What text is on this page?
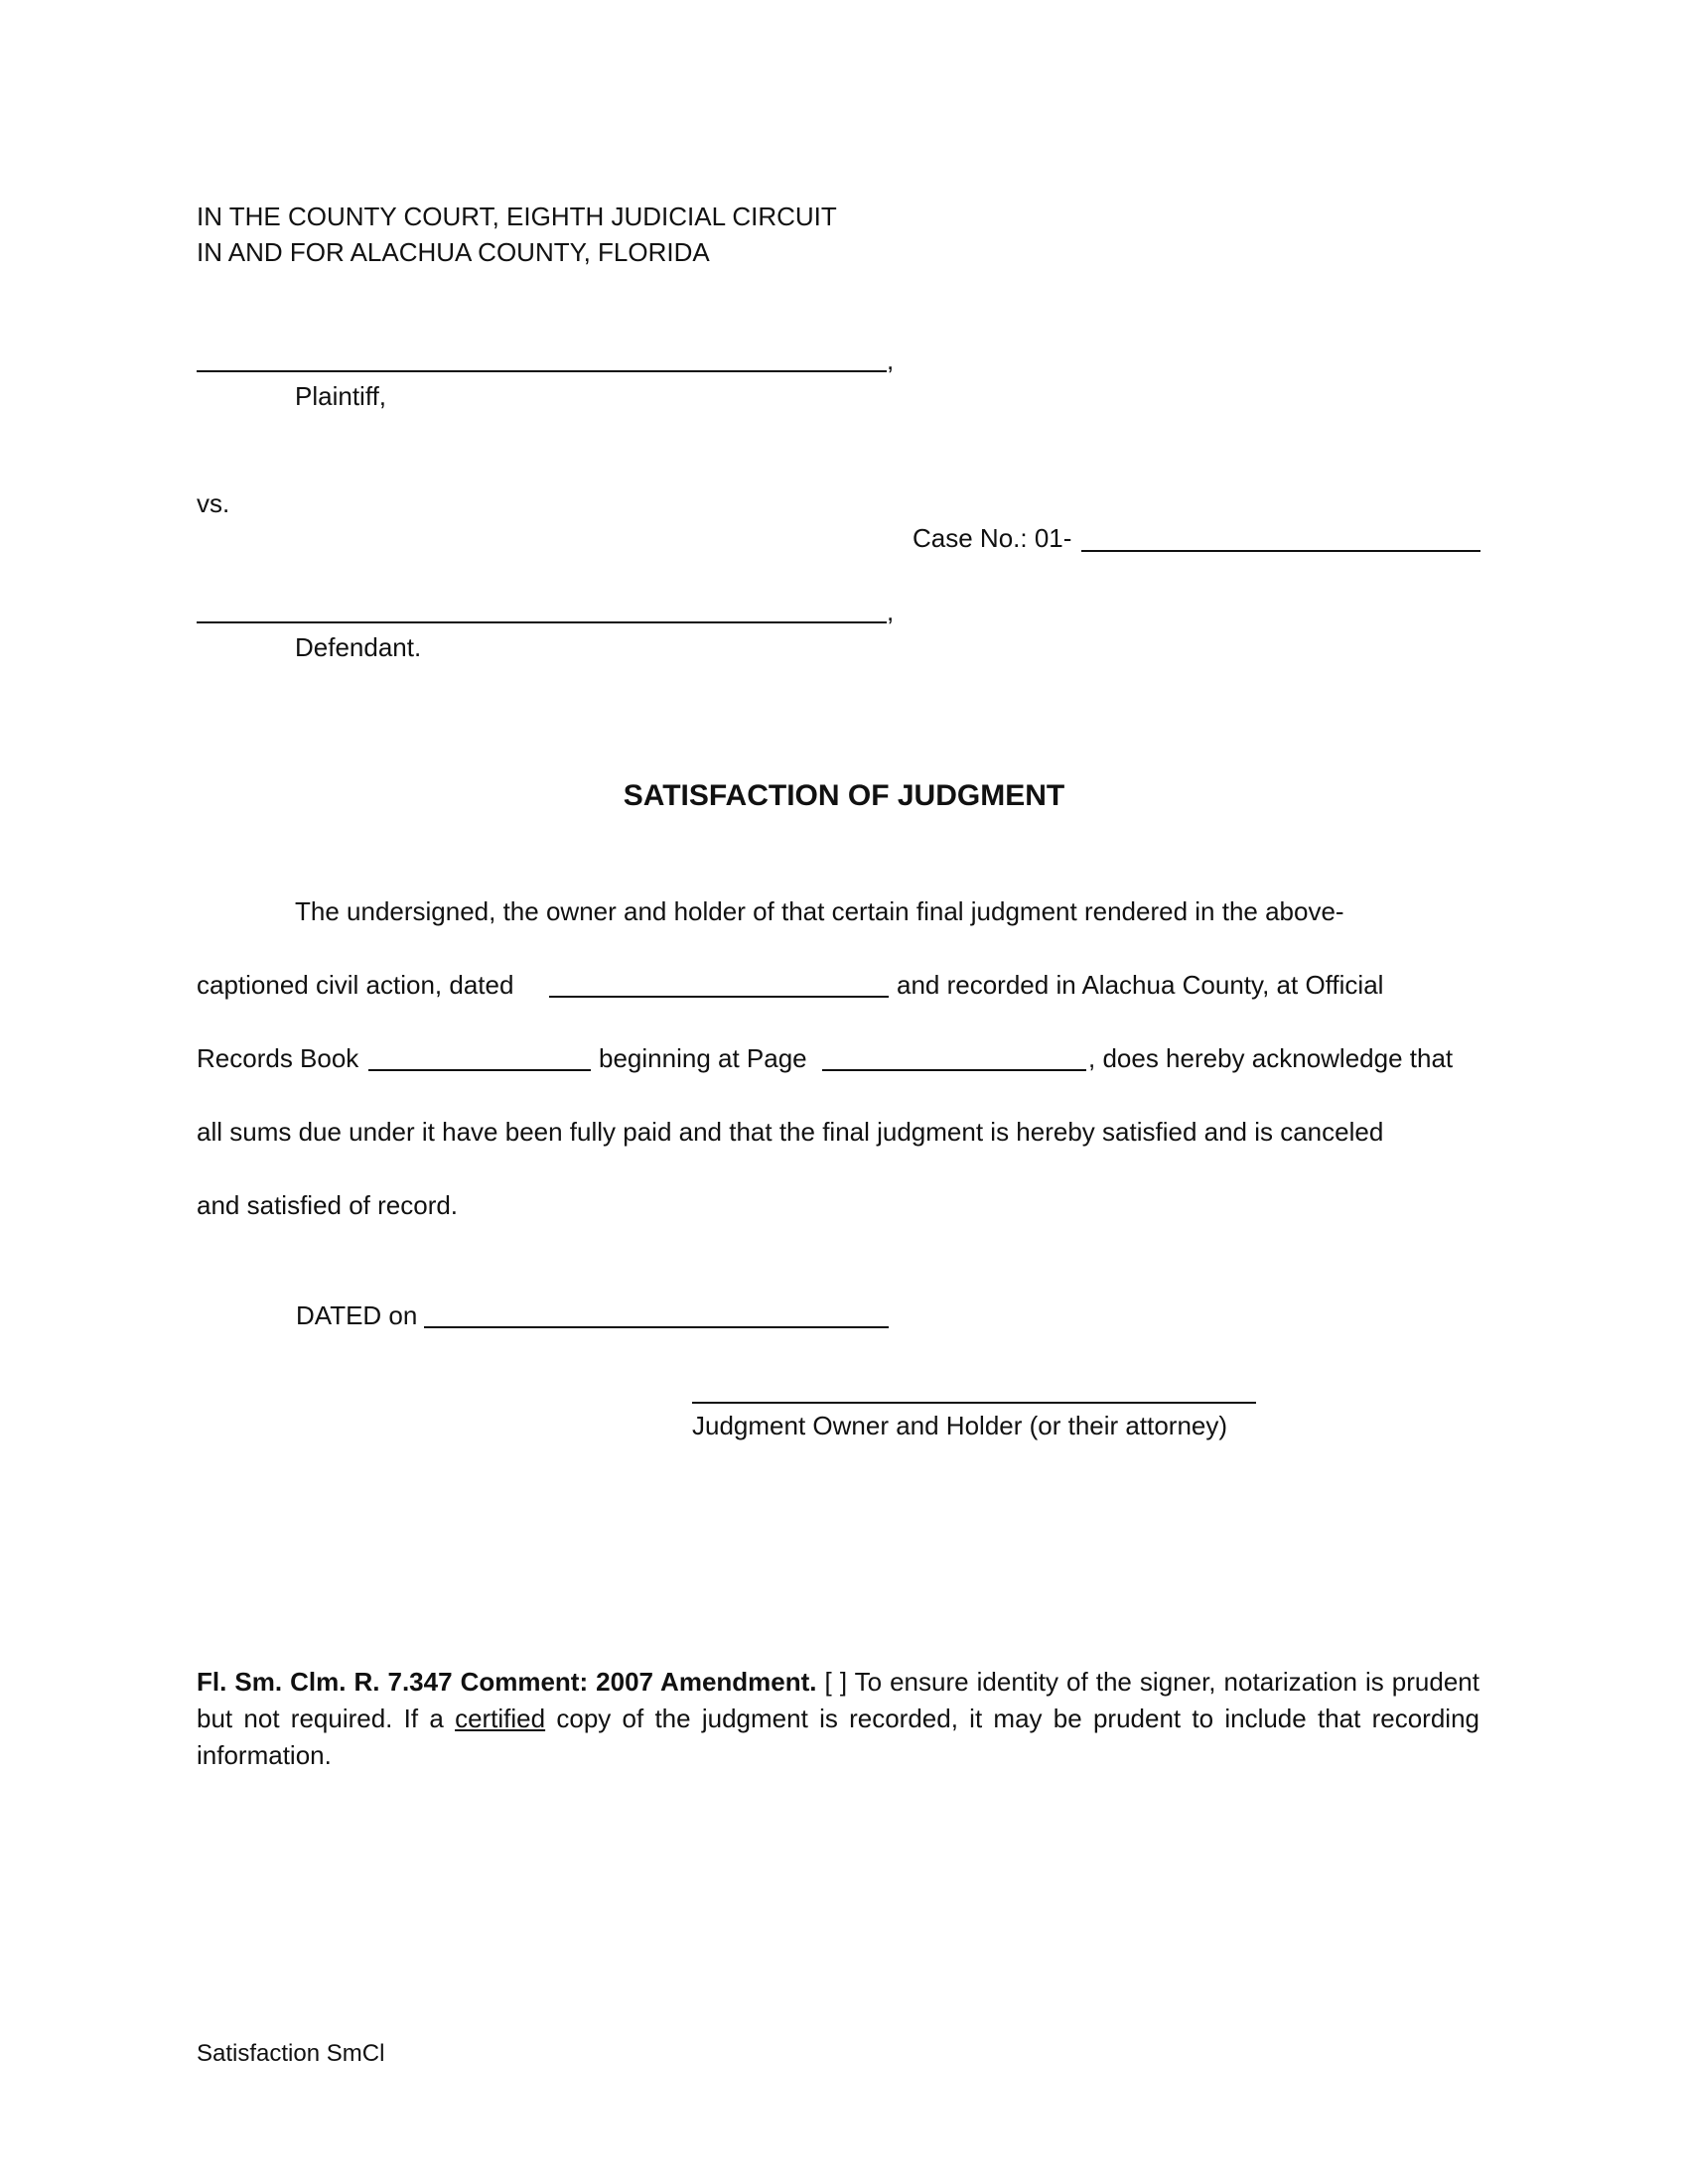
IN THE COUNTY COURT, EIGHTH JUDICIAL CIRCUIT
IN AND FOR ALACHUA COUNTY, FLORIDA
,
Plaintiff,
vs.
Case No.: 01-
,
Defendant.
SATISFACTION OF JUDGMENT
The undersigned, the owner and holder of that certain final judgment rendered in the above-
captioned civil action, dated	and recorded in Alachua County, at Official
Records Book	beginning at Page	, does hereby acknowledge that
all sums due under it have been fully paid and that the final judgment is hereby satisfied and is canceled
and satisfied of record.
DATED on
Judgment Owner and Holder (or their attorney)
Fl. Sm. Clm. R. 7.347 Comment: 2007 Amendment. [ ] To ensure identity of the signer, notarization is prudent but not required. If a certified copy of the judgment is recorded, it may be prudent to include that recording information.
Satisfaction SmCl
